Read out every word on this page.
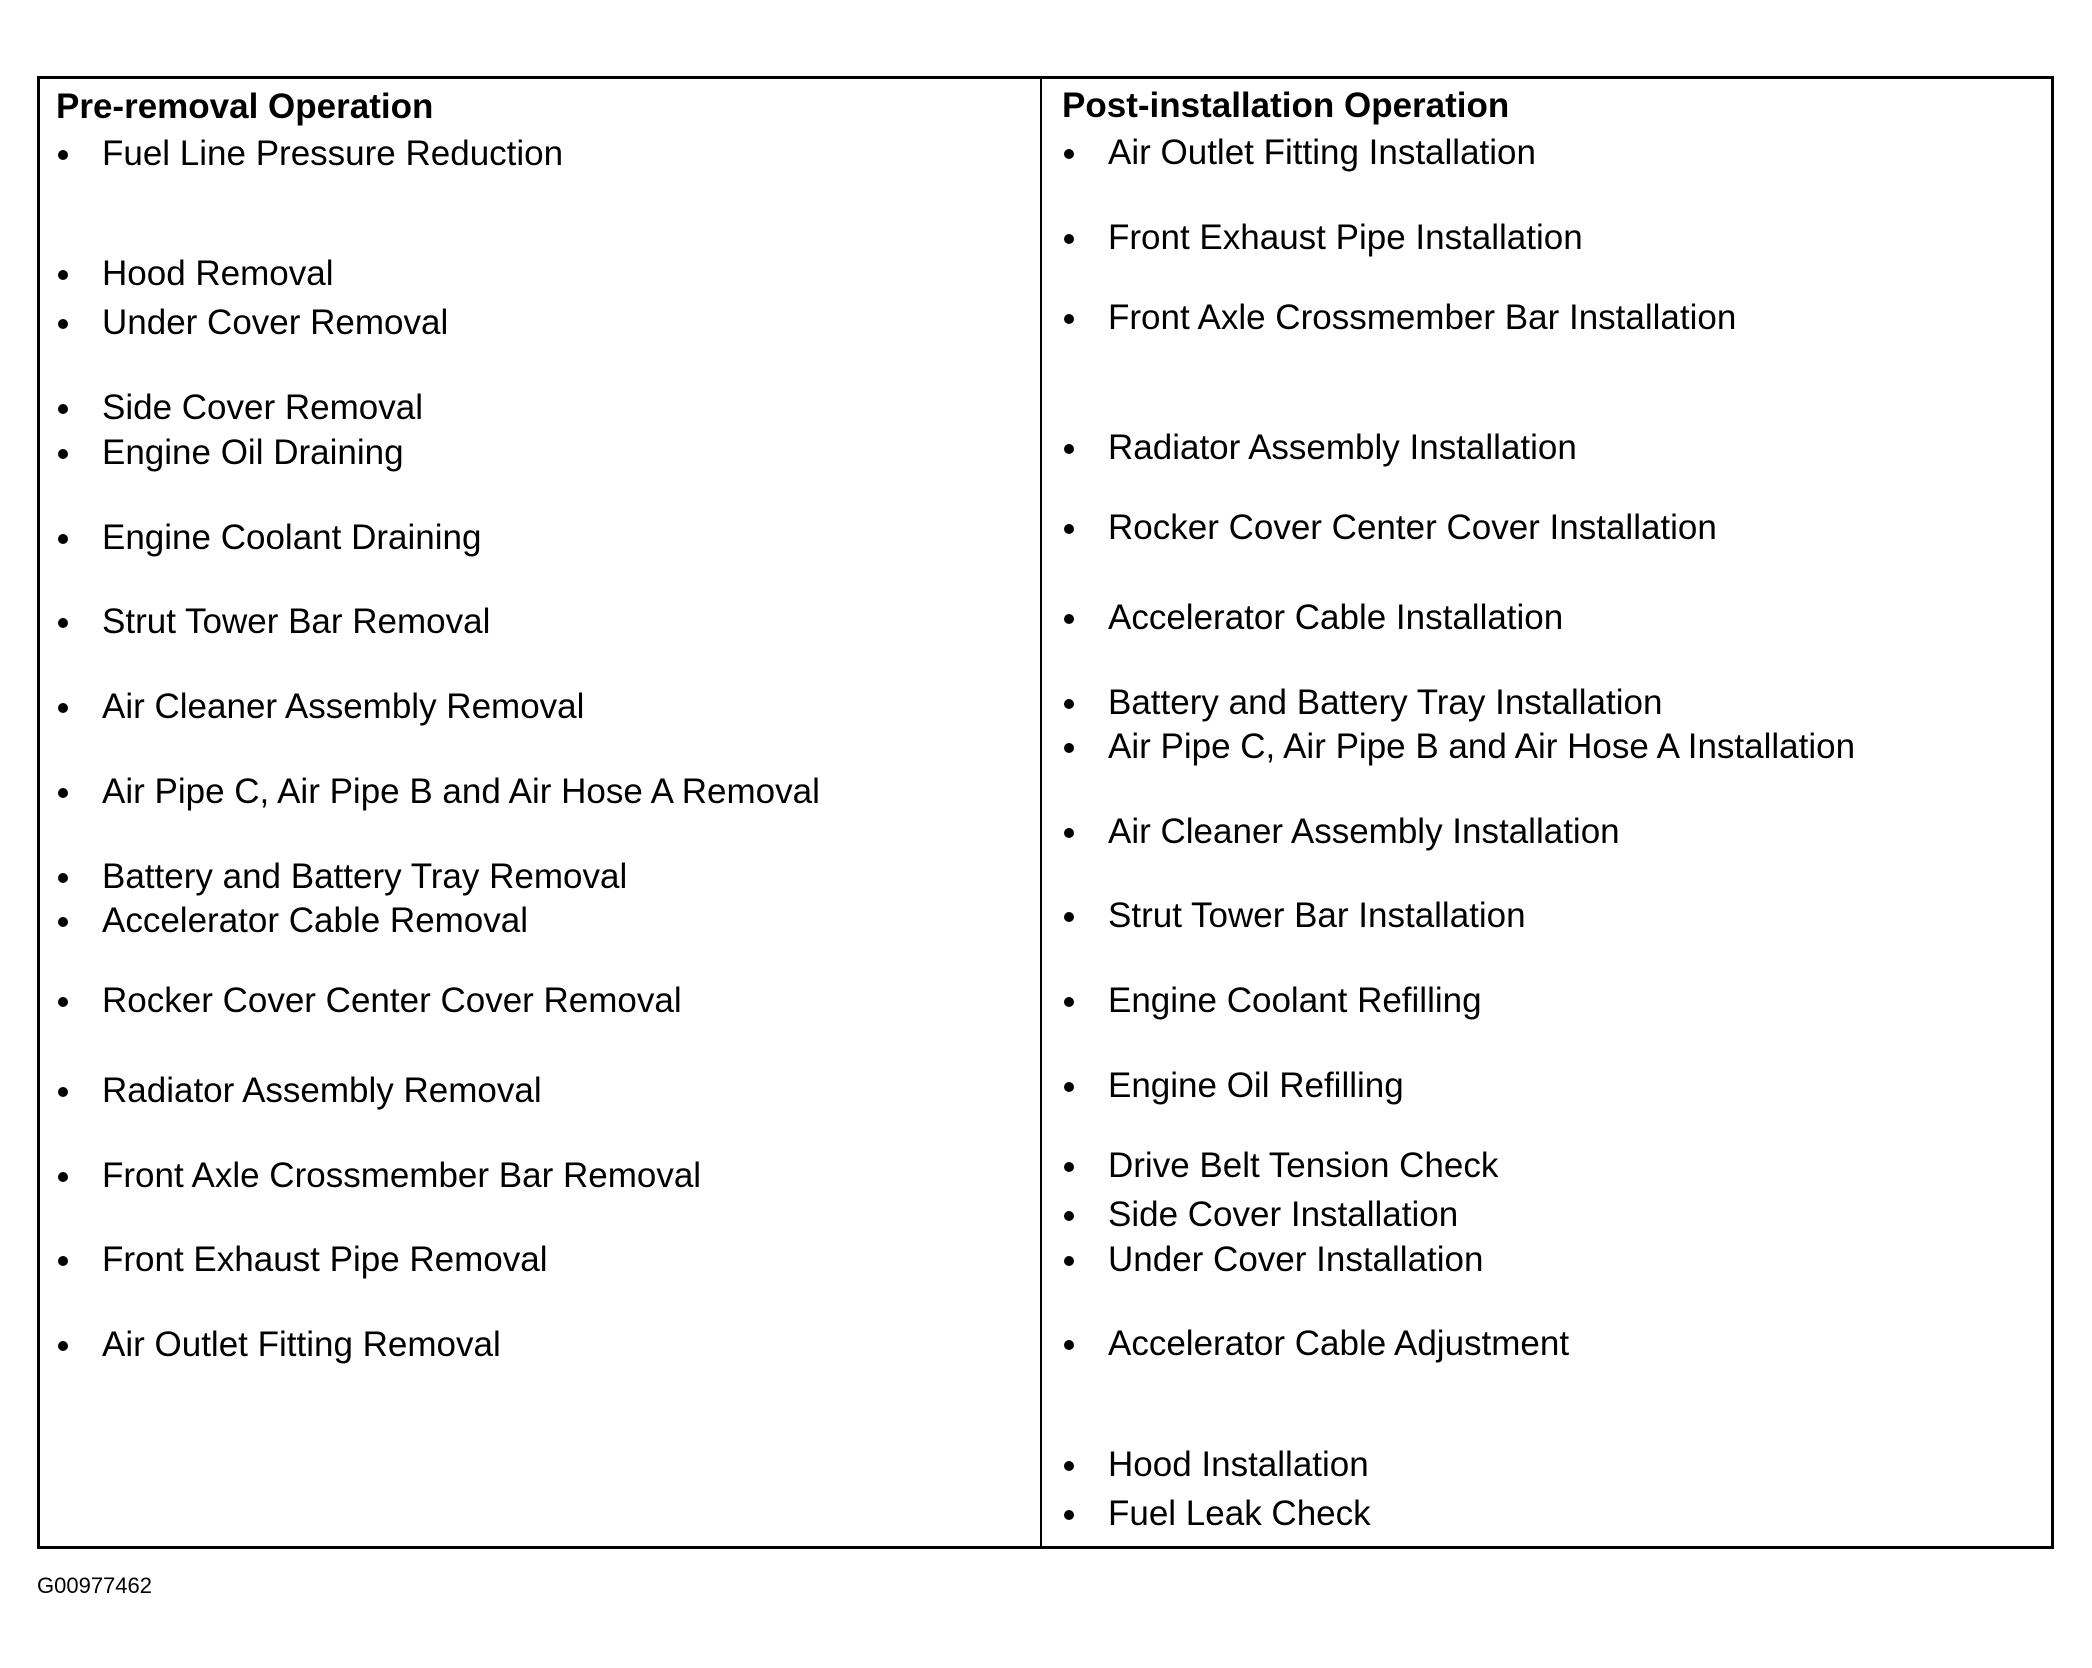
Pre-removal Operation
Fuel Line Pressure Reduction
Hood Removal
Under Cover Removal
Side Cover Removal
Engine Oil Draining
Engine Coolant Draining
Strut Tower Bar Removal
Air Cleaner Assembly Removal
Air Pipe C, Air Pipe B and Air Hose A Removal
Battery and Battery Tray Removal
Accelerator Cable Removal
Rocker Cover Center Cover Removal
Radiator Assembly Removal
Front Axle Crossmember Bar Removal
Front Exhaust Pipe Removal
Air Outlet Fitting Removal
Post-installation Operation
Air Outlet Fitting Installation
Front Exhaust Pipe Installation
Front Axle Crossmember Bar Installation
Radiator Assembly Installation
Rocker Cover Center Cover Installation
Accelerator Cable Installation
Battery and Battery Tray Installation
Air Pipe C, Air Pipe B and Air Hose A Installation
Air Cleaner Assembly Installation
Strut Tower Bar Installation
Engine Coolant Refilling
Engine Oil Refilling
Drive Belt Tension Check
Side Cover Installation
Under Cover Installation
Accelerator Cable Adjustment
Hood Installation
Fuel Leak Check
G00977462
